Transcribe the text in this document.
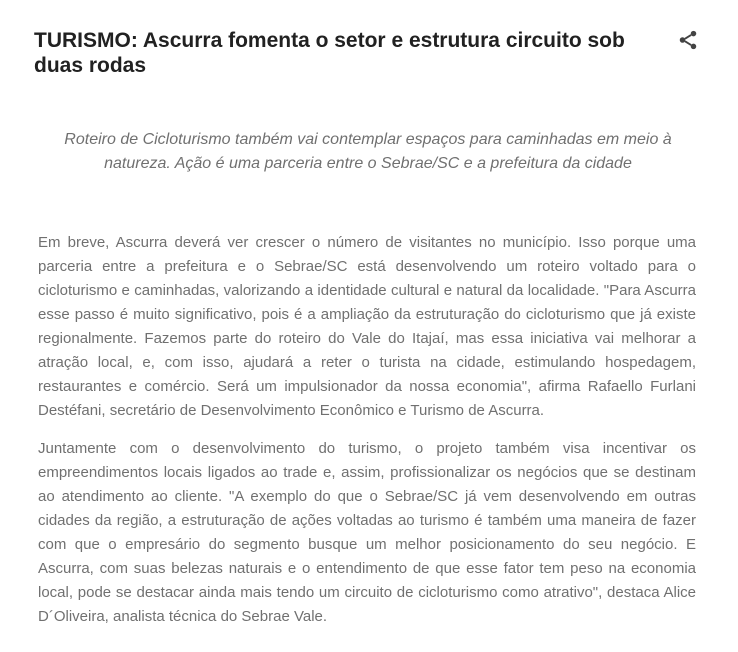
TURISMO: Ascurra fomenta o setor e estrutura circuito sob duas rodas

Roteiro de Cicloturismo também vai contemplar espaços para caminhadas em meio à natureza. Ação é uma parceria entre o Sebrae/SC e a prefeitura da cidade

Em breve, Ascurra deverá ver crescer o número de visitantes no município. Isso porque uma parceria entre a prefeitura e o Sebrae/SC está desenvolvendo um roteiro voltado para o cicloturismo e caminhadas, valorizando a identidade cultural e natural da localidade. "Para Ascurra esse passo é muito significativo, pois é a ampliação da estruturação do cicloturismo que já existe regionalmente. Fazemos parte do roteiro do Vale do Itajaí, mas essa iniciativa vai melhorar a atração local, e, com isso, ajudará a reter o turista na cidade, estimulando hospedagem, restaurantes e comércio. Será um impulsionador da nossa economia", afirma Rafaello Furlani Destéfani, secretário de Desenvolvimento Econômico e Turismo de Ascurra.

Juntamente com o desenvolvimento do turismo, o projeto também visa incentivar os empreendimentos locais ligados ao trade e, assim, profissionalizar os negócios que se destinam ao atendimento ao cliente. "A exemplo do que o Sebrae/SC já vem desenvolvendo em outras cidades da região, a estruturação de ações voltadas ao turismo é também uma maneira de fazer com que o empresário do segmento busque um melhor posicionamento do seu negócio. E Ascurra, com suas belezas naturais e o entendimento de que esse fator tem peso na economia local, pode se destacar ainda mais tendo um circuito de cicloturismo como atrativo", destaca Alice D´Oliveira, analista técnica do Sebrae Vale.
